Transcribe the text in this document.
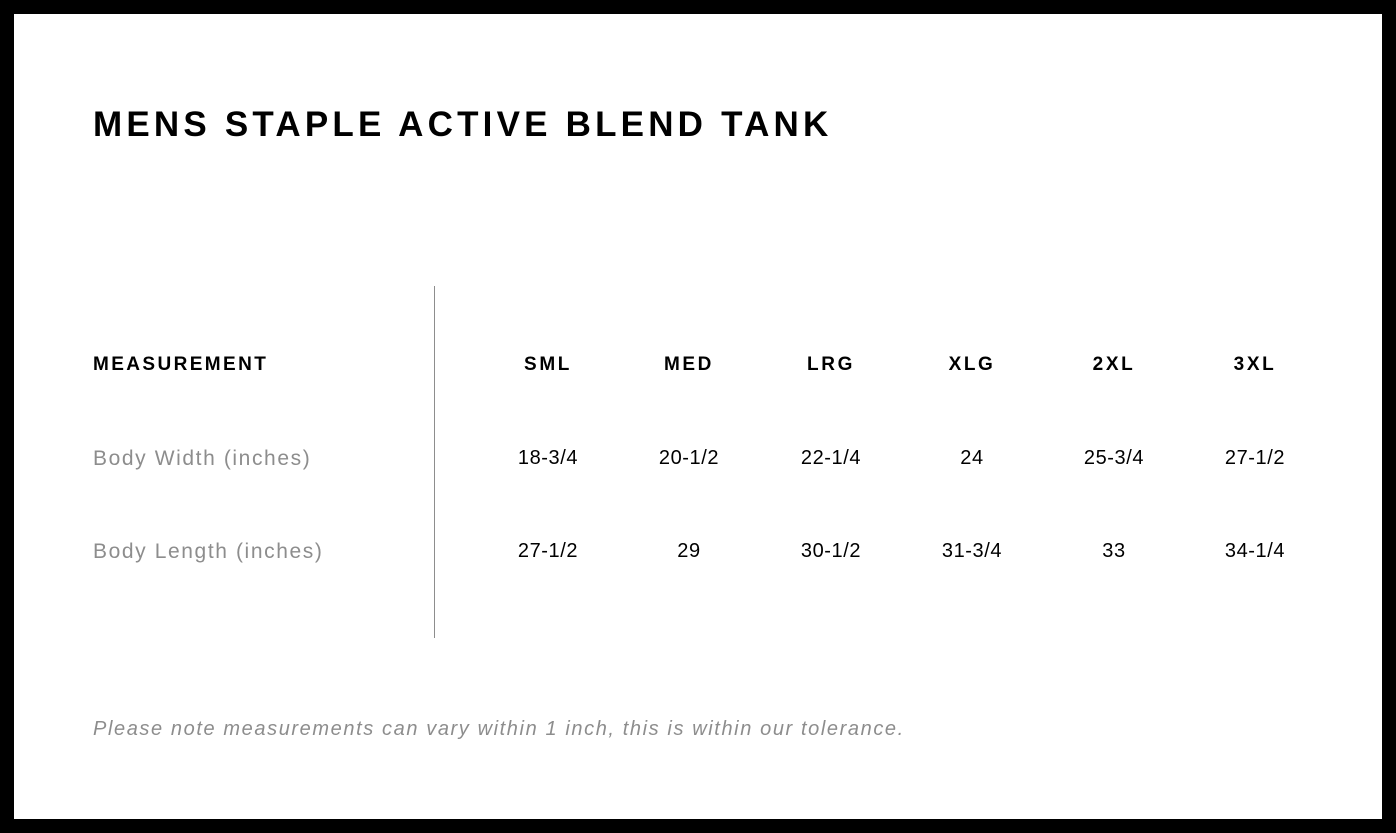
MENS STAPLE ACTIVE BLEND TANK
MEASUREMENT	SML	MED	LRG	XLG	2XL	3XL
Body Width (inches)	18-3/4	20-1/2	22-1/4	24	25-3/4	27-1/2
Body Length (inches)	27-1/2	29	30-1/2	31-3/4	33	34-1/4
Please note measurements can vary within 1 inch, this is within our tolerance.
